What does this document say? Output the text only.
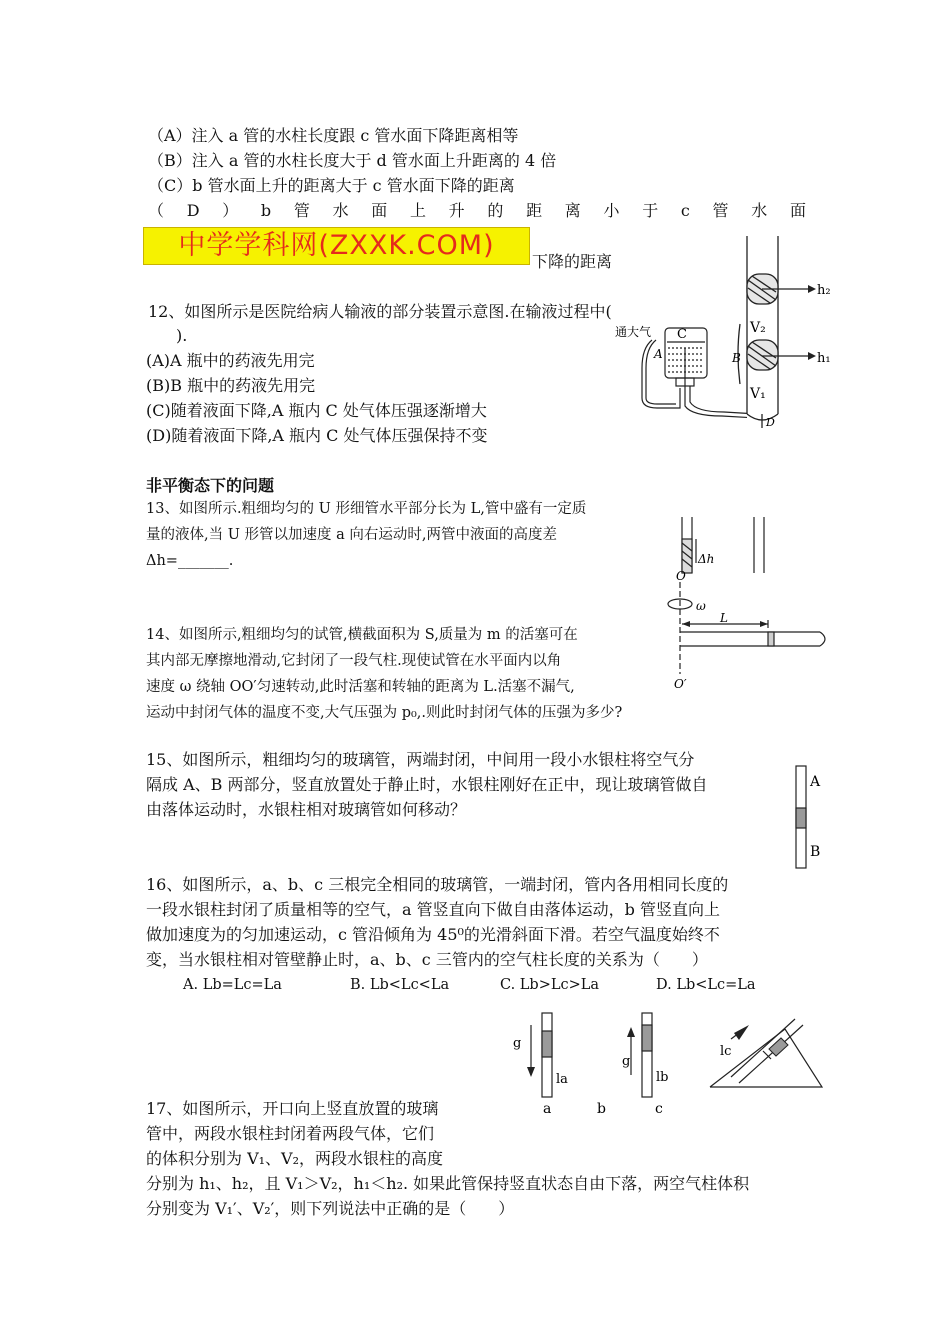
（A）注入 a 管的水柱长度跟 c 管水面下降距离相等
（B）注入 a 管的水柱长度大于 d 管水面上升距离的 4 倍
（C）b 管水面上升的距离大于 c 管水面下降的距离
（ D ） b 管 水 面 上 升 的 距 离 小 于 c 管 水 面
中学学科网(ZXXK.COM)
下降的距离
12、如图所示是医院给病人输液的部分装置示意图.在输液过程中(
).
(A)A 瓶中的药液先用完
(B)B 瓶中的药液先用完
(C)随着液面下降,A 瓶内 C 处气体压强逐渐增大
(D)随着液面下降,A 瓶内 C 处气体压强保持不变
h₂
h₁
V₂
V₁
D
通大气 C
A	B
非平衡态下的问题
13、如图所示.粗细均匀的 U 形细管水平部分长为 L,管中盛有一定质
量的液体,当 U 形管以加速度 a 向右运动时,两管中液面的高度差
Δh=_______.	Δh
O
ω
L
O′
14、如图所示,粗细均匀的试管,横截面积为 S,质量为 m 的活塞可在
其内部无摩擦地滑动,它封闭了一段气柱.现使试管在水平面内以角
速度 ω 绕轴 OO′匀速转动,此时活塞和转轴的距离为 L.活塞不漏气,
运动中封闭气体的温度不变,大气压强为 p₀,.则此时封闭气体的压强为多少?
15、如图所示，粗细均匀的玻璃管，两端封闭，中间用一段小水银柱将空气分
隔成 A、B 两部分，竖直放置处于静止时，水银柱刚好在正中，现让玻璃管做自
由落体运动时，水银柱相对玻璃管如何移动？
A
B
16、如图所示，a、b、c 三根完全相同的玻璃管，一端封闭，管内各用相同长度的
一段水银柱封闭了质量相等的空气，a 管竖直向下做自由落体运动，b 管竖直向上
做加速度为的匀加速运动，c 管沿倾角为 45⁰的光滑斜面下滑。若空气温度始终不
变，当水银柱相对管壁静止时，a、b、c 三管内的空气柱长度的关系为（　　）
A. Lb=Lc=La	B. Lb<Lc<La	C. Lb>Lc>La	D. Lb<Lc=La
g
la
g
lb
lc
a	b	c
17、如图所示，开口向上竖直放置的玻璃
管中，两段水银柱封闭着两段气体，它们
的体积分别为 V₁、V₂，两段水银柱的高度
分别为 h₁、h₂，且 V₁＞V₂，h₁＜h₂. 如果此管保持竖直状态自由下落，两空气柱体积
分别变为 V₁′、V₂′，则下列说法中正确的是（　　）
